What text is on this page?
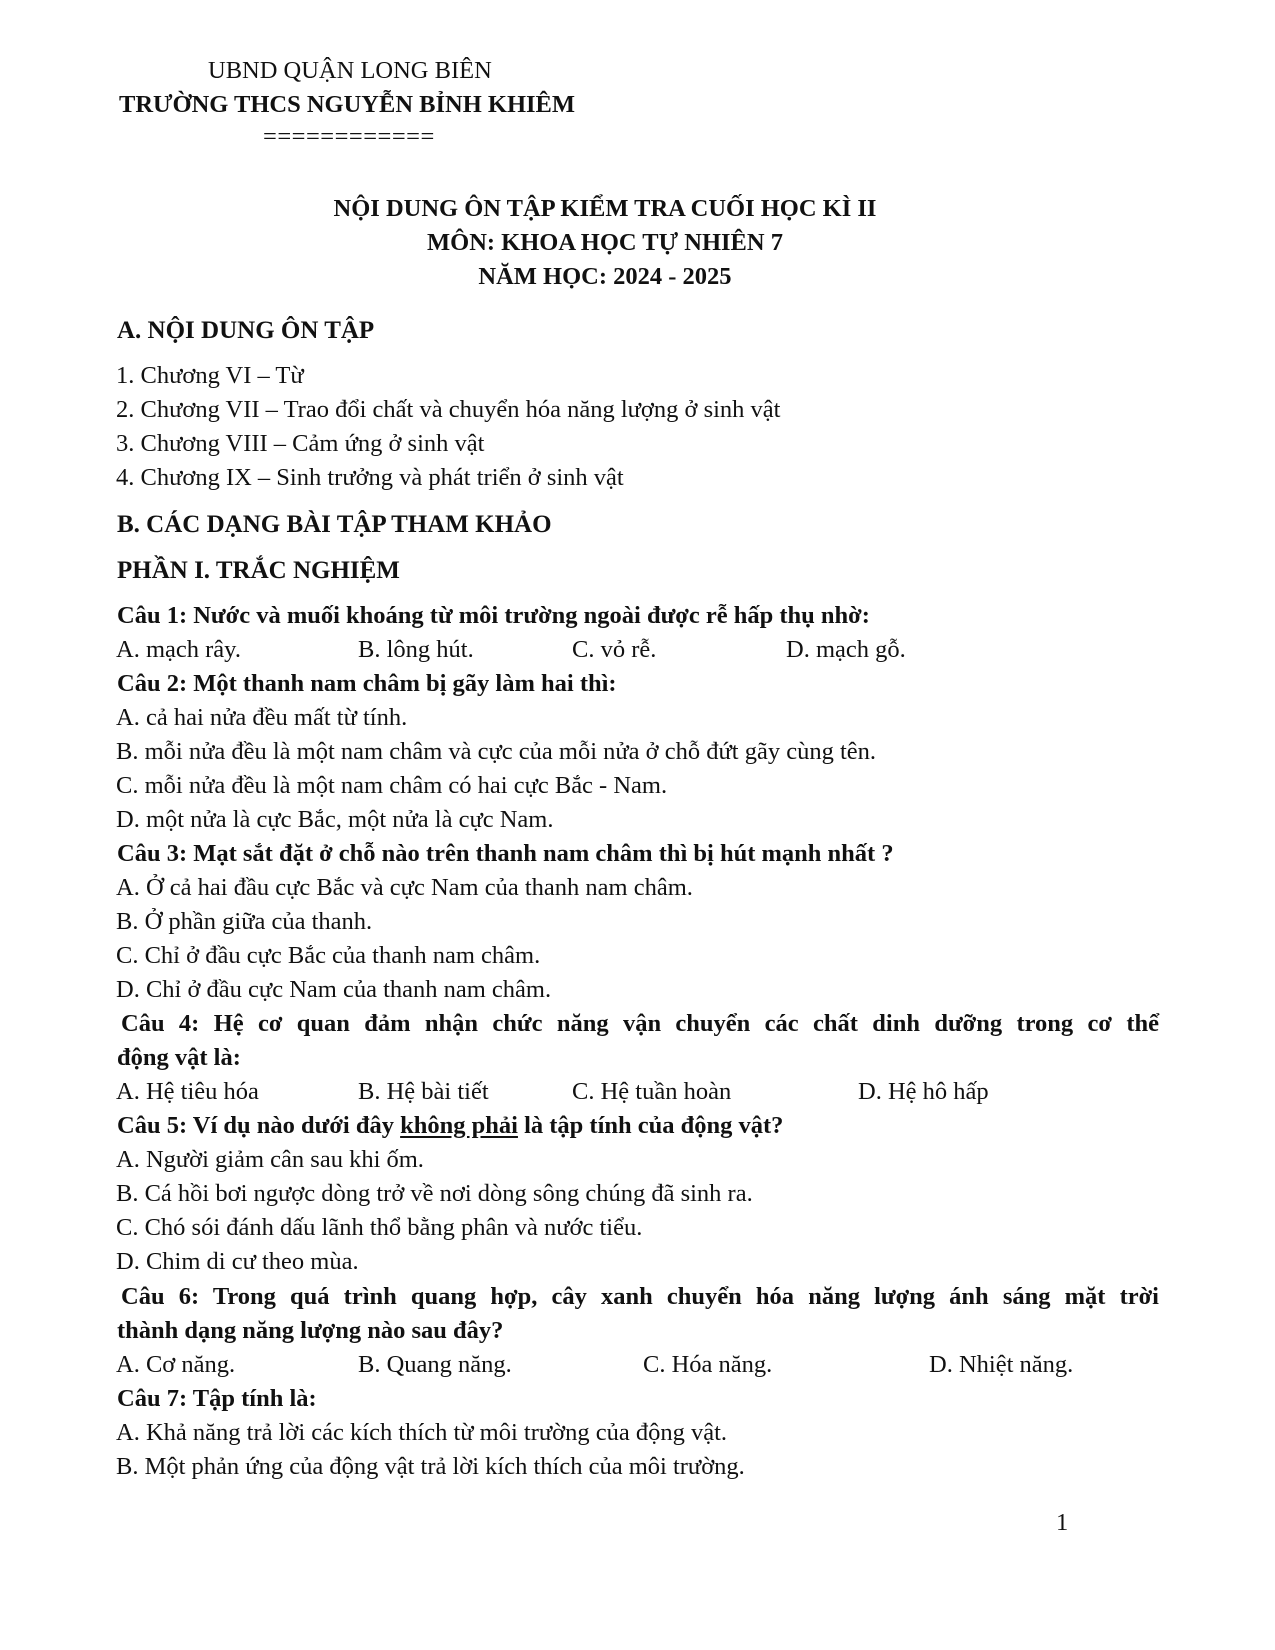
UBND QUẬN LONG BIÊN
TRƯỜNG THCS NGUYỄN BỈNH KHIÊM
============
NỘI DUNG ÔN TẬP KIỂM TRA CUỐI HỌC KÌ II
MÔN: KHOA HỌC TỰ NHIÊN 7
NĂM HỌC: 2024 - 2025
A. NỘI DUNG ÔN TẬP
1. Chương VI – Từ
2. Chương VII – Trao đổi chất và chuyển hóa năng lượng ở sinh vật
3. Chương VIII – Cảm ứng ở sinh vật
4. Chương IX – Sinh trưởng và phát triển ở sinh vật
B. CÁC DẠNG BÀI TẬP THAM KHẢO
PHẦN I. TRẮC NGHIỆM
Câu 1: Nước và muối khoáng từ môi trường ngoài được rễ hấp thụ nhờ:
A. mạch rây.	B. lông hút.	C. vỏ rễ.	D. mạch gỗ.
Câu 2: Một thanh nam châm bị gãy làm hai thì:
A. cả hai nửa đều mất từ tính.
B. mỗi nửa đều là một nam châm và cực của mỗi nửa ở chỗ đứt gãy cùng tên.
C. mỗi nửa đều là một nam châm có hai cực Bắc - Nam.
D. một nửa là cực Bắc, một nửa là cực Nam.
Câu 3: Mạt sắt đặt ở chỗ nào trên thanh nam châm thì bị hút mạnh nhất ?
A. Ở cả hai đầu cực Bắc và cực Nam của thanh nam châm.
B. Ở phần giữa của thanh.
C. Chỉ ở đầu cực Bắc của thanh nam châm.
D. Chỉ ở đầu cực Nam của thanh nam châm.
Câu 4: Hệ cơ quan đảm nhận chức năng vận chuyển các chất dinh dưỡng trong cơ thể
động vật là:
A. Hệ tiêu hóa	B. Hệ bài tiết	C. Hệ tuần hoàn	D. Hệ hô hấp
Câu 5: Ví dụ nào dưới đây không phải là tập tính của động vật?
A. Người giảm cân sau khi ốm.
B. Cá hồi bơi ngược dòng trở về nơi dòng sông chúng đã sinh ra.
C. Chó sói đánh dấu lãnh thổ bằng phân và nước tiểu.
D. Chim di cư theo mùa.
Câu 6: Trong quá trình quang hợp, cây xanh chuyển hóa năng lượng ánh sáng mặt trời
thành dạng năng lượng nào sau đây?
A. Cơ năng.	B. Quang năng.	C. Hóa năng.	D. Nhiệt năng.
Câu 7: Tập tính là:
A. Khả năng trả lời các kích thích từ môi trường của động vật.
B. Một phản ứng của động vật trả lời kích thích của môi trường.
1
